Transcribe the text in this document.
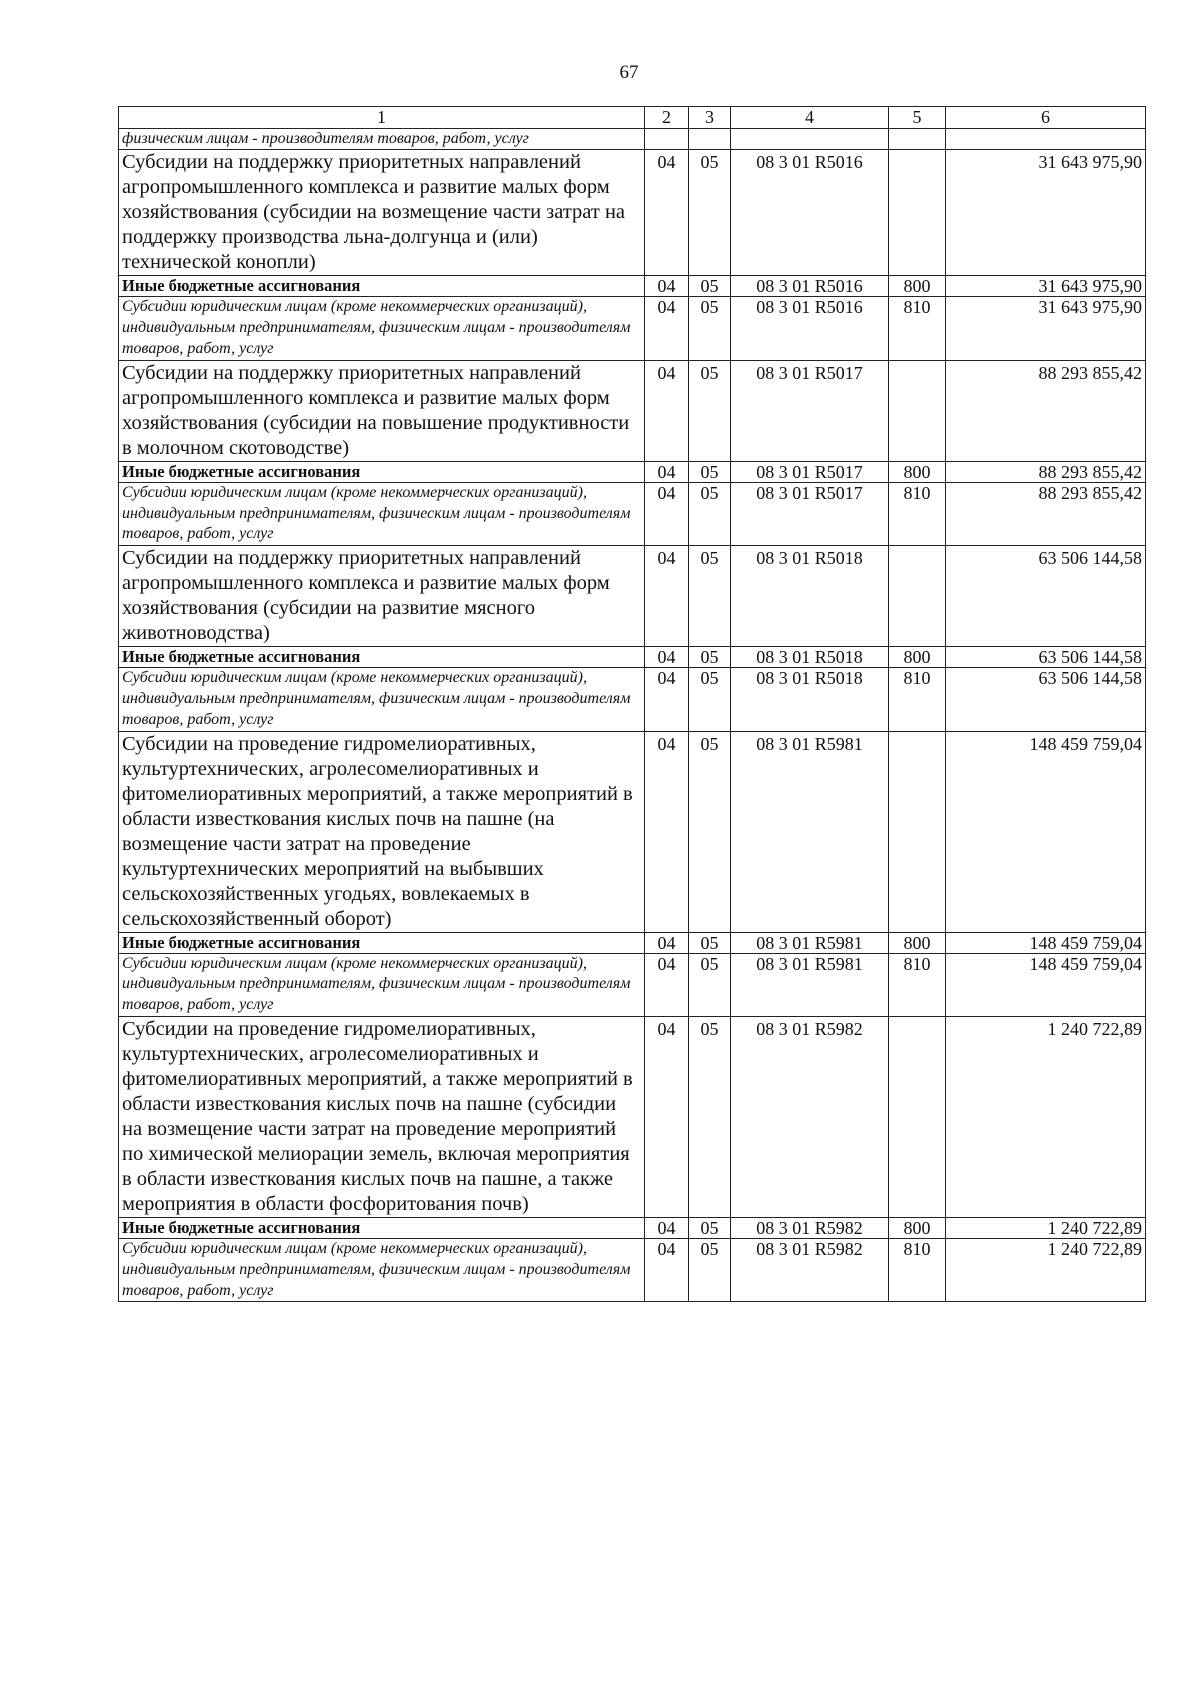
67
1	2	3	4	5	6
физическим лицам - производителям товаров, работ, услуг					
Субсидии на поддержку приоритетных направлений агропромышленного комплекса и развитие малых форм хозяйствования (субсидии на возмещение части затрат на поддержку производства льна-долгунца и (или) технической конопли)	04	05	08 3 01 R5016		31 643 975,90
Иные бюджетные ассигнования	04	05	08 3 01 R5016	800	31 643 975,90
Субсидии юридическим лицам (кроме некоммерческих организаций), индивидуальным предпринимателям, физическим лицам - производителям товаров, работ, услуг	04	05	08 3 01 R5016	810	31 643 975,90
Субсидии на поддержку приоритетных направлений агропромышленного комплекса и развитие малых форм хозяйствования (субсидии на повышение продуктивности в молочном скотоводстве)	04	05	08 3 01 R5017		88 293 855,42
Иные бюджетные ассигнования	04	05	08 3 01 R5017	800	88 293 855,42
Субсидии юридическим лицам (кроме некоммерческих организаций), индивидуальным предпринимателям, физическим лицам - производителям товаров, работ, услуг	04	05	08 3 01 R5017	810	88 293 855,42
Субсидии на поддержку приоритетных направлений агропромышленного комплекса и развитие малых форм хозяйствования (субсидии на развитие мясного животноводства)	04	05	08 3 01 R5018		63 506 144,58
Иные бюджетные ассигнования	04	05	08 3 01 R5018	800	63 506 144,58
Субсидии юридическим лицам (кроме некоммерческих организаций), индивидуальным предпринимателям, физическим лицам - производителям товаров, работ, услуг	04	05	08 3 01 R5018	810	63 506 144,58
Субсидии на проведение гидромелиоративных, культуртехнических, агролесомелиоративных и фитомелиоративных мероприятий, а также мероприятий в области известкования кислых почв на пашне (на возмещение части затрат на проведение культуртехнических мероприятий на выбывших сельскохозяйственных угодьях, вовлекаемых в сельскохозяйственный оборот)	04	05	08 3 01 R5981		148 459 759,04
Иные бюджетные ассигнования	04	05	08 3 01 R5981	800	148 459 759,04
Субсидии юридическим лицам (кроме некоммерческих организаций), индивидуальным предпринимателям, физическим лицам - производителям товаров, работ, услуг	04	05	08 3 01 R5981	810	148 459 759,04
Субсидии на проведение гидромелиоративных, культуртехнических, агролесомелиоративных и фитомелиоративных мероприятий, а также мероприятий в области известкования кислых почв на пашне (субсидии на возмещение части затрат на проведение мероприятий по химической мелиорации земель, включая мероприятия в области известкования кислых почв на пашне, а также мероприятия в области фосфоритования почв)	04	05	08 3 01 R5982		1 240 722,89
Иные бюджетные ассигнования	04	05	08 3 01 R5982	800	1 240 722,89
Субсидии юридическим лицам (кроме некоммерческих организаций), индивидуальным предпринимателям, физическим лицам - производителям товаров, работ, услуг	04	05	08 3 01 R5982	810	1 240 722,89
